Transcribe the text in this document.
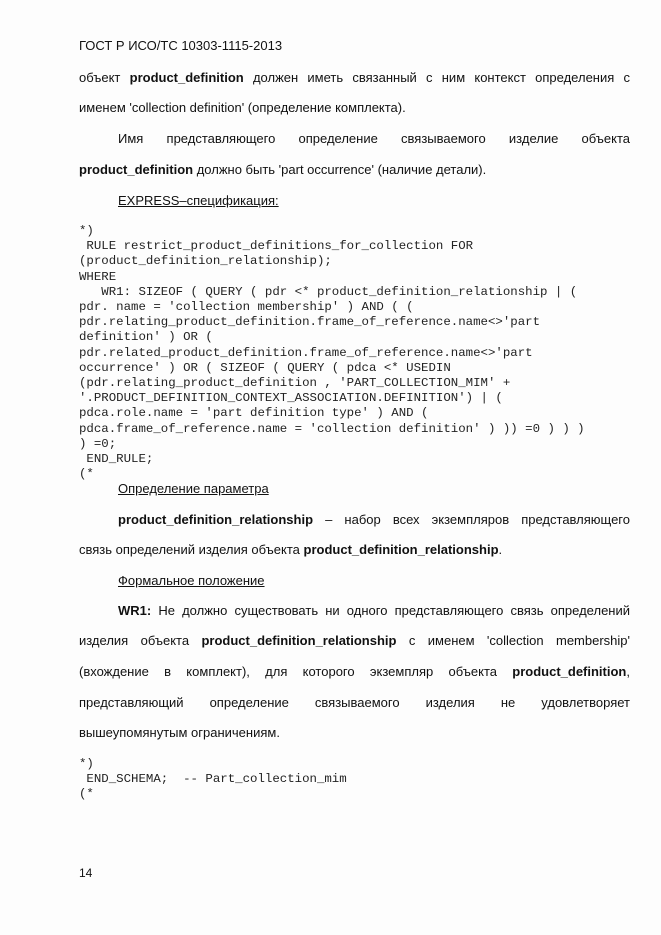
ГОСТ Р ИСО/ТС 10303-1115-2013
объект product_definition должен иметь связанный с ним контекст определения с
именем 'collection definition' (определение комплекта).
Имя представляющего определение связываемого изделие объекта
product_definition должно быть 'part occurrence' (наличие детали).
EXPRESS–спецификация:
*)
RULE restrict_product_definitions_for_collection FOR
(product_definition_relationship);
WHERE
WR1: SIZEOF ( QUERY ( pdr <* product_definition_relationship | (
pdr. name = 'collection membership' ) AND ( (
pdr.relating_product_definition.frame_of_reference.name<>'part
definition' ) OR (
pdr.related_product_definition.frame_of_reference.name<>'part
occurrence' ) OR ( SIZEOF ( QUERY ( pdca <* USEDIN
(pdr.relating_product_definition , 'PART_COLLECTION_MIM' +
'.PRODUCT_DEFINITION_CONTEXT_ASSOCIATION.DEFINITION') | (
pdca.role.name = 'part definition type' ) AND (
pdca.frame_of_reference.name = 'collection definition' ) )) =0 ) ) )
) =0;
END_RULE;
(*
Определение параметра
product_definition_relationship – набор всех экземпляров представляющего
связь определений изделия объекта product_definition_relationship.
Формальное положение
WR1: Не должно существовать ни одного представляющего связь определений
изделия объекта product_definition_relationship с именем 'collection membership'
(вхождение в комплект), для которого экземпляр объекта product_definition,
представляющий определение связываемого изделия не удовлетворяет
вышеупомянутым ограничениям.
*)
END_SCHEMA;  -- Part_collection_mim
(*
14
